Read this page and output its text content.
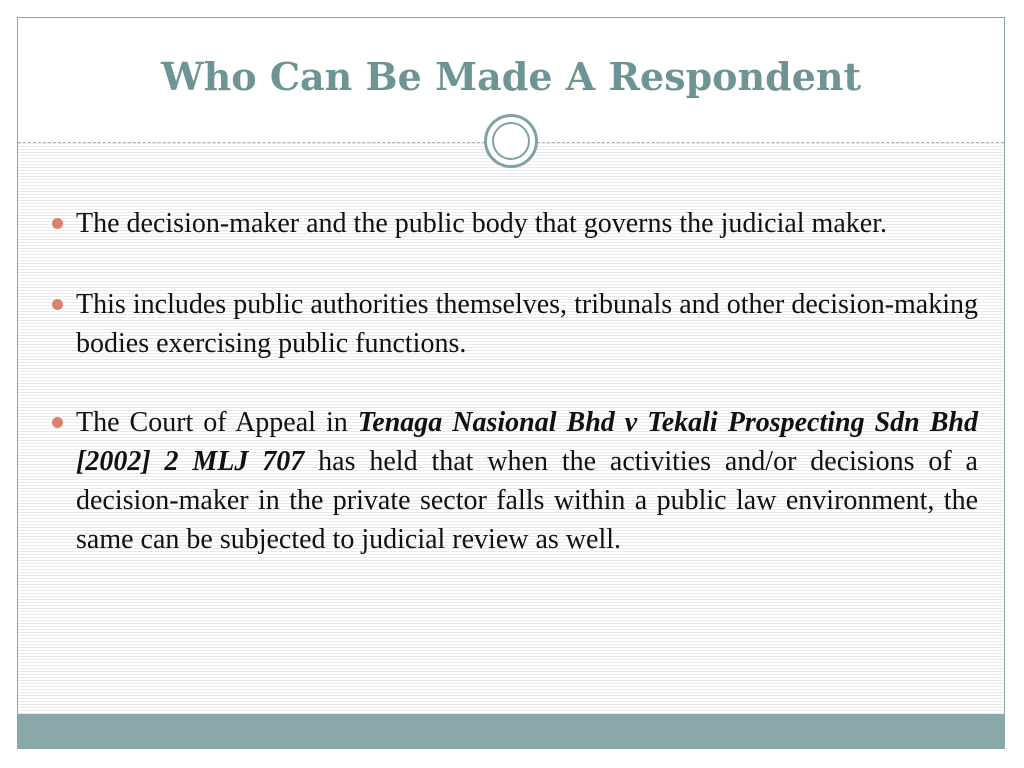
Who Can Be Made A Respondent
The decision-maker and the public body that governs the judicial maker.
This includes public authorities themselves, tribunals and other decision-making bodies exercising public functions.
The Court of Appeal in Tenaga Nasional Bhd v Tekali Prospecting Sdn Bhd [2002] 2 MLJ 707 has held that when the activities and/or decisions of a decision-maker in the private sector falls within a public law environment, the same can be subjected to judicial review as well.
